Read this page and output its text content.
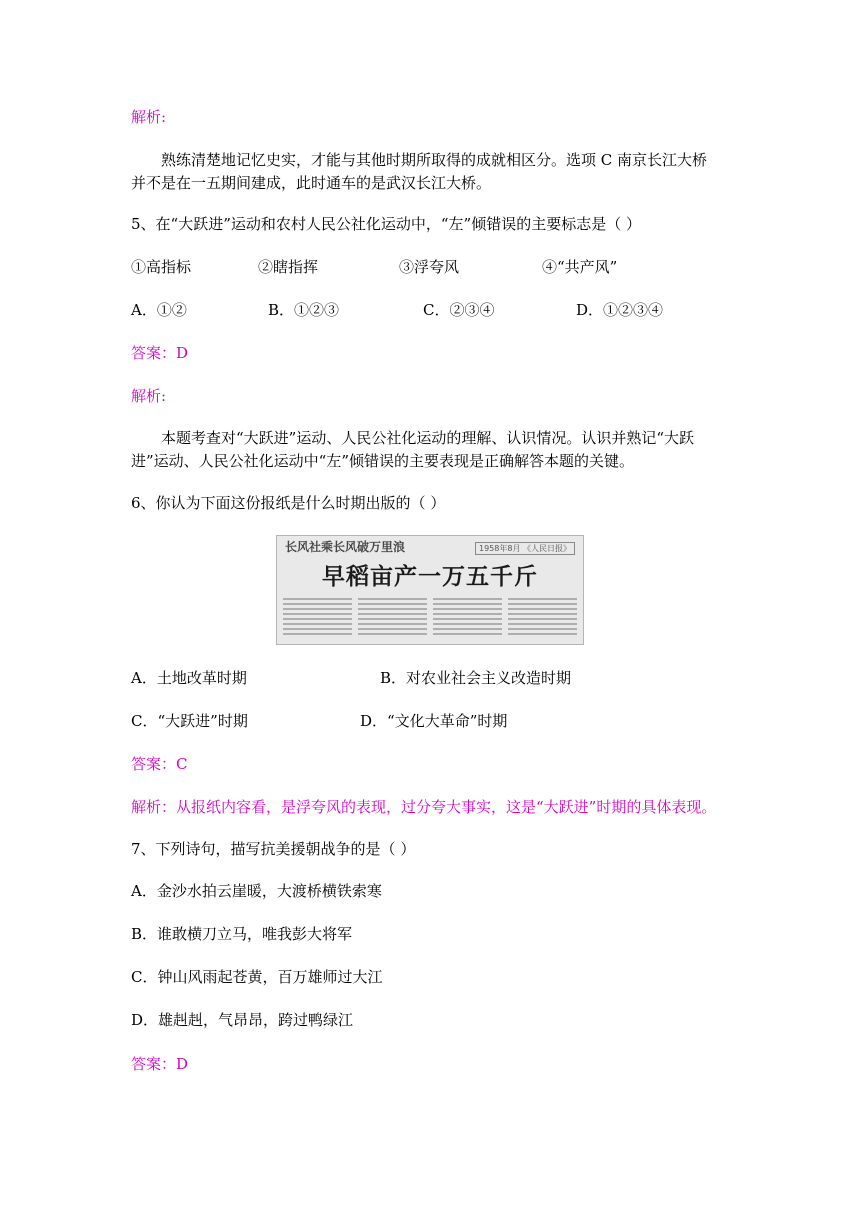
解析:
熟练清楚地记忆史实，才能与其他时期所取得的成就相区分。选项 C 南京长江大桥
并不是在一五期间建成，此时通车的是武汉长江大桥。
5、在“大跃进”运动和农村人民公社化运动中，“左”倾错误的主要标志是（ ）
①高指标	②瞎指挥	③浮夸风	④“共产风”
A．①②	B．①②③	C．②③④	D．①②③④
答案：D
解析:
本题考查对“大跃进”运动、人民公社化运动的理解、认识情况。认识并熟记“大跃
进”运动、人民公社化运动中“左”倾错误的主要表现是正确解答本题的关键。
6、你认为下面这份报纸是什么时期出版的（ ）
长风社乘长风破万里浪	1958年8月 《人民日报》
早稻亩产一万五千斤
A．土地改革时期	B．对农业社会主义改造时期
C．“大跃进”时期	D．“文化大革命”时期
答案：C
解析：从报纸内容看，是浮夸风的表现，过分夸大事实，这是“大跃进”时期的具体表现。
7、下列诗句，描写抗美援朝战争的是（ ）
A．金沙水拍云崖暖，大渡桥横铁索寒
B．谁敢横刀立马，唯我彭大将军
C．钟山风雨起苍黄，百万雄师过大江
D．雄赳赳，气昂昂，跨过鸭绿江
答案：D
